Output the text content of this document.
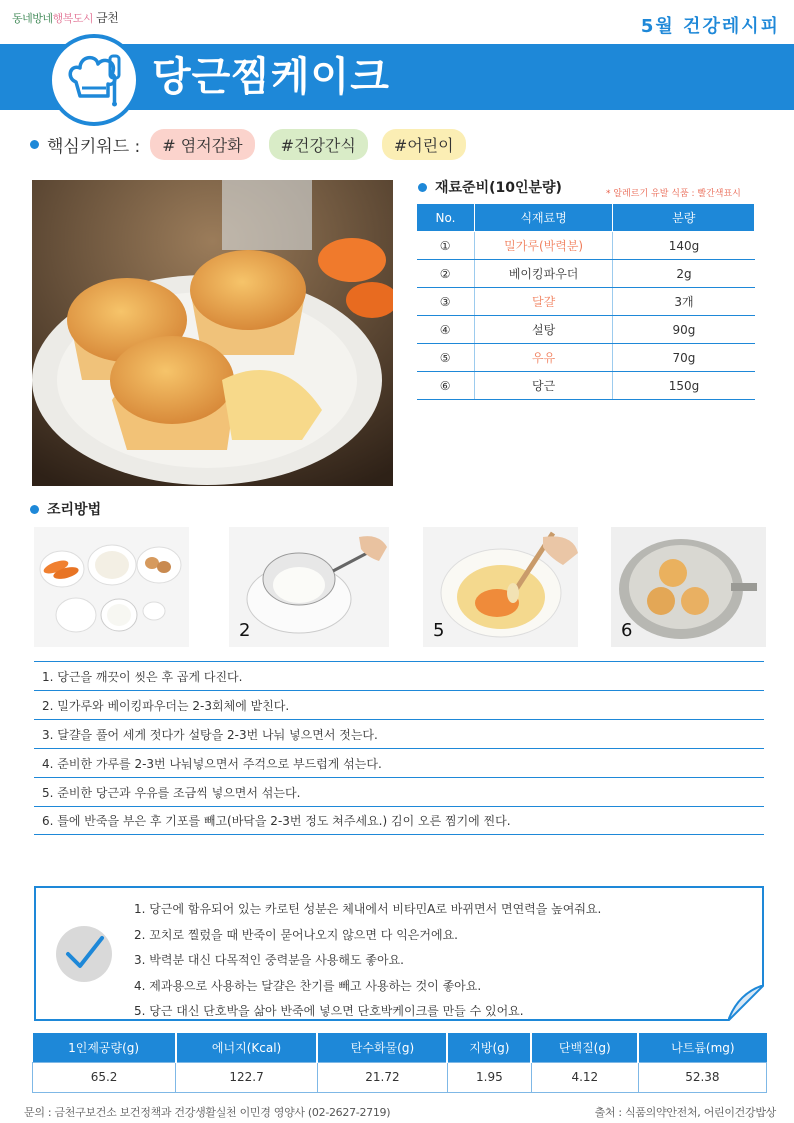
동네방네행복도시 금천	5월 건강레시피
당근찜케이크
핵심키워드 :	# 염저감화	#건강간식	#어린이
재료준비(10인분량)	* 알레르기 유발 식품 : 빨간색표시
No.	식재료명	분량
①	밀가루(박력분)	140g
②	베이킹파우더	2g
③	달걀	3개
④	설탕	90g
⑤	우유	70g
⑥	당근	150g
조리방법
2	5	6
1. 당근을 깨끗이 씻은 후 곱게 다진다.
2. 밀가루와 베이킹파우더는 2-3회체에 밭친다.
3. 달걀을 풀어 세게 젓다가 설탕을 2-3번 나눠 넣으면서 젓는다.
4. 준비한 가루를 2-3번 나눠넣으면서 주걱으로 부드럽게 섞는다.
5. 준비한 당근과 우유를 조금씩 넣으면서 섞는다.
6. 틀에 반죽을 부은 후 기포를 빼고(바닥을 2-3번 정도 쳐주세요.) 김이 오른 찜기에 찐다.
1. 당근에 함유되어 있는 카로틴 성분은 체내에서 비타민A로 바뀌면서 면연력을 높여줘요.
2. 꼬치로 찔렀을 때 반죽이 묻어나오지 않으면 다 익은거에요.
3. 박력분 대신 다목적인 중력분을 사용해도 좋아요.
4. 제과용으로 사용하는 달걀은 찬기를 빼고 사용하는 것이 좋아요.
5. 당근 대신 단호박을 삶아 반죽에 넣으면 단호박케이크를 만들 수 있어요.
1인제공량(g)	에너지(Kcal)	탄수화물(g)	지방(g)	단백질(g)	나트륨(mg)
65.2	122.7	21.72	1.95	4.12	52.38
문의 : 금천구보건소 보건정책과 건강생활실천 이민경 영양사 (02-2627-2719)	출처 : 식품의약안전처, 어린이건강밥상
